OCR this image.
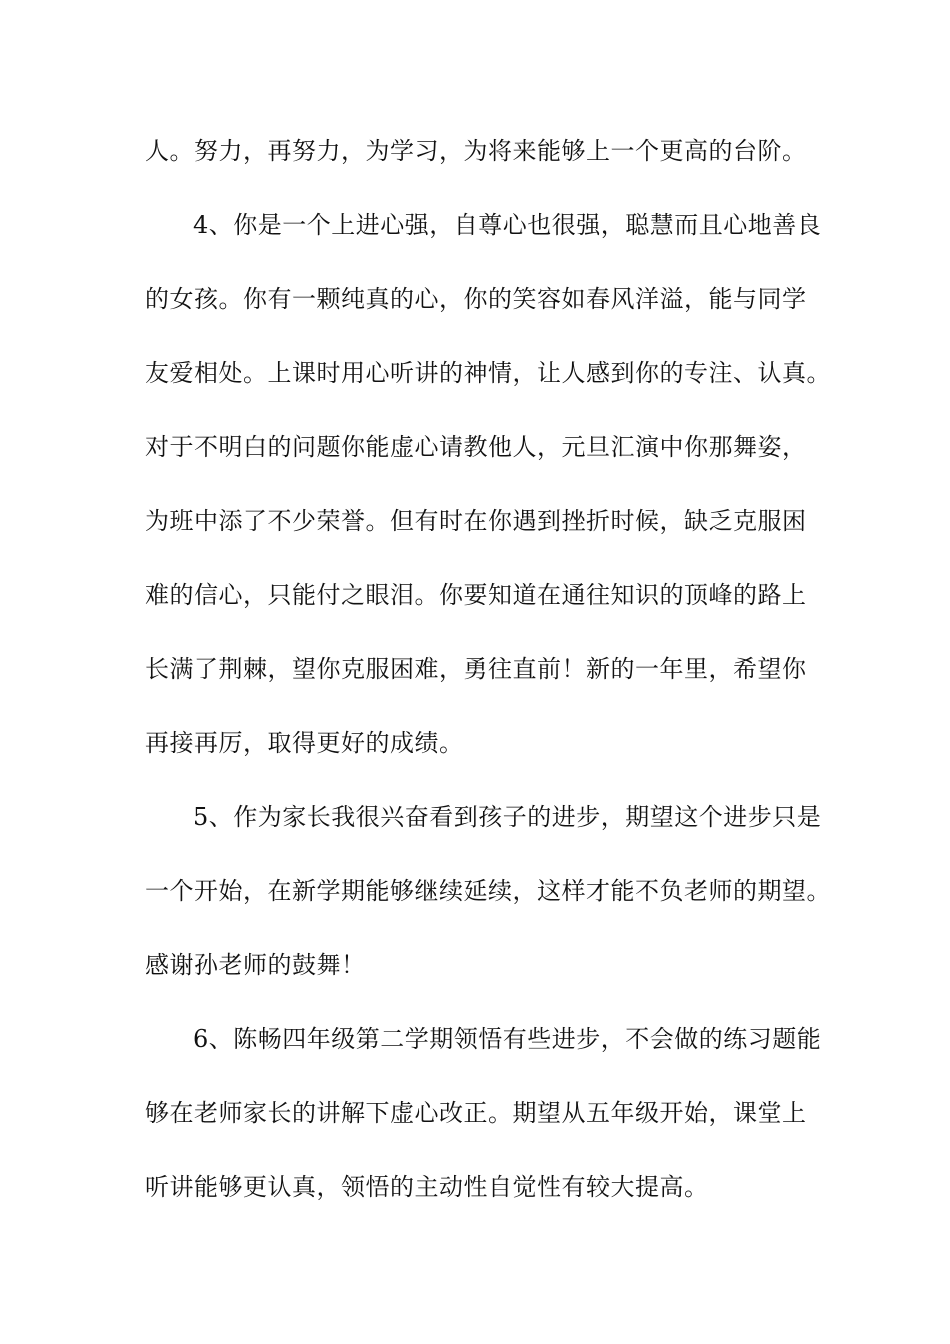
人。努力，再努力，为学习，为将来能够上一个更高的台阶。
4、你是一个上进心强，自尊心也很强，聪慧而且心地善良
的女孩。你有一颗纯真的心，你的笑容如春风洋溢，能与同学
友爱相处。上课时用心听讲的神情，让人感到你的专注、认真。
对于不明白的问题你能虚心请教他人，元旦汇演中你那舞姿，
为班中添了不少荣誉。但有时在你遇到挫折时候，缺乏克服困
难的信心，只能付之眼泪。你要知道在通往知识的顶峰的路上
长满了荆棘，望你克服困难，勇往直前！新的一年里，希望你
再接再厉，取得更好的成绩。
5、作为家长我很兴奋看到孩子的进步，期望这个进步只是
一个开始，在新学期能够继续延续，这样才能不负老师的期望。
感谢孙老师的鼓舞！
6、陈畅四年级第二学期领悟有些进步，不会做的练习题能
够在老师家长的讲解下虚心改正。期望从五年级开始，课堂上
听讲能够更认真，领悟的主动性自觉性有较大提高。
